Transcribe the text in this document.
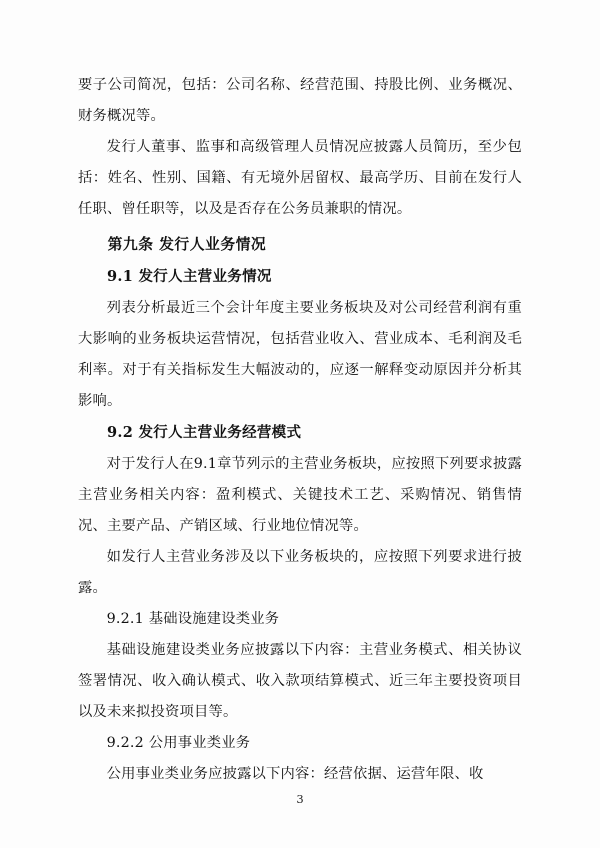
要子公司简况，包括：公司名称、经营范围、持股比例、业务概况、财务概况等。

发行人董事、监事和高级管理人员情况应披露人员简历，至少包括：姓名、性别、国籍、有无境外居留权、最高学历、目前在发行人任职、曾任职等，以及是否存在公务员兼职的情况。

第九条 发行人业务情况

9.1 发行人主营业务情况

列表分析最近三个会计年度主要业务板块及对公司经营利润有重大影响的业务板块运营情况，包括营业收入、营业成本、毛利润及毛利率。对于有关指标发生大幅波动的，应逐一解释变动原因并分析其影响。

9.2 发行人主营业务经营模式

对于发行人在9.1章节列示的主营业务板块，应按照下列要求披露主营业务相关内容：盈利模式、关键技术工艺、采购情况、销售情况、主要产品、产销区域、行业地位情况等。

如发行人主营业务涉及以下业务板块的，应按照下列要求进行披露。

9.2.1 基础设施建设类业务

基础设施建设类业务应披露以下内容：主营业务模式、相关协议签署情况、收入确认模式、收入款项结算模式、近三年主要投资项目以及未来拟投资项目等。

9.2.2 公用事业类业务

公用事业类业务应披露以下内容：经营依据、运营年限、收

3
